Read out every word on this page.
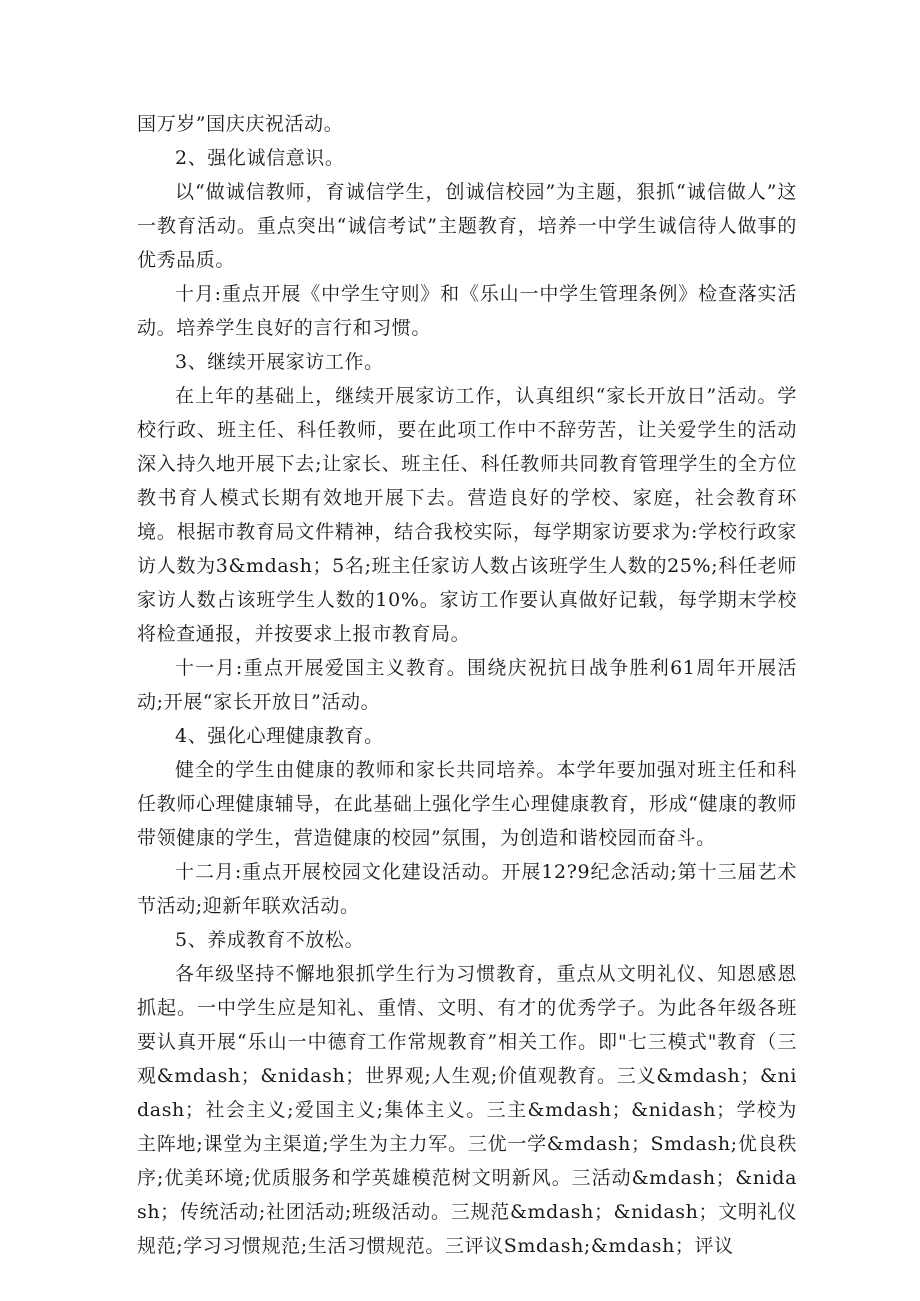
国万岁”国庆庆祝活动。

2、强化诚信意识。

以“做诚信教师，育诚信学生，创诚信校园”为主题，狠抓“诚信做人”这一教育活动。重点突出“诚信考试”主题教育，培养一中学生诚信待人做事的优秀品质。

十月:重点开展《中学生守则》和《乐山一中学生管理条例》检查落实活动。培养学生良好的言行和习惯。

3、继续开展家访工作。

在上年的基础上，继续开展家访工作，认真组织“家长开放日”活动。学校行政、班主任、科任教师，要在此项工作中不辞劳苦，让关爱学生的活动深入持久地开展下去;让家长、班主任、科任教师共同教育管理学生的全方位教书育人模式长期有效地开展下去。营造良好的学校、家庭，社会教育环境。根据市教育局文件精神，结合我校实际，每学期家访要求为:学校行政家访人数为3&mdash；5名;班主任家访人数占该班学生人数的25%;科任老师家访人数占该班学生人数的10%。家访工作要认真做好记载，每学期末学校将检查通报，并按要求上报市教育局。

十一月:重点开展爱国主义教育。围绕庆祝抗日战争胜利61周年开展活动;开展“家长开放日”活动。

4、强化心理健康教育。

健全的学生由健康的教师和家长共同培养。本学年要加强对班主任和科任教师心理健康辅导，在此基础上强化学生心理健康教育，形成“健康的教师带领健康的学生，营造健康的校园”氛围，为创造和谐校园而奋斗。

十二月:重点开展校园文化建设活动。开展12?9纪念活动;第十三届艺术节活动;迎新年联欢活动。

5、养成教育不放松。

各年级坚持不懈地狠抓学生行为习惯教育，重点从文明礼仪、知恩感恩抓起。一中学生应是知礼、重情、文明、有才的优秀学子。为此各年级各班要认真开展“乐山一中德育工作常规教育”相关工作。即"七三模式"教育（三观&mdash；&nidash；世界观;人生观;价值观教育。三义&mdash；&nidash；社会主义;爱国主义;集体主义。三主&mdash；&nidash；学校为主阵地;课堂为主渠道;学生为主力军。三优一学&mdash；Smdash;优良秩序;优美环境;优质服务和学英雄模范树文明新风。三活动&mdash；&nidash；传统活动;社团活动;班级活动。三规范&mdash；&nidash；文明礼仪规范;学习习惯规范;生活习惯规范。三评议Smdash;&mdash；评议
